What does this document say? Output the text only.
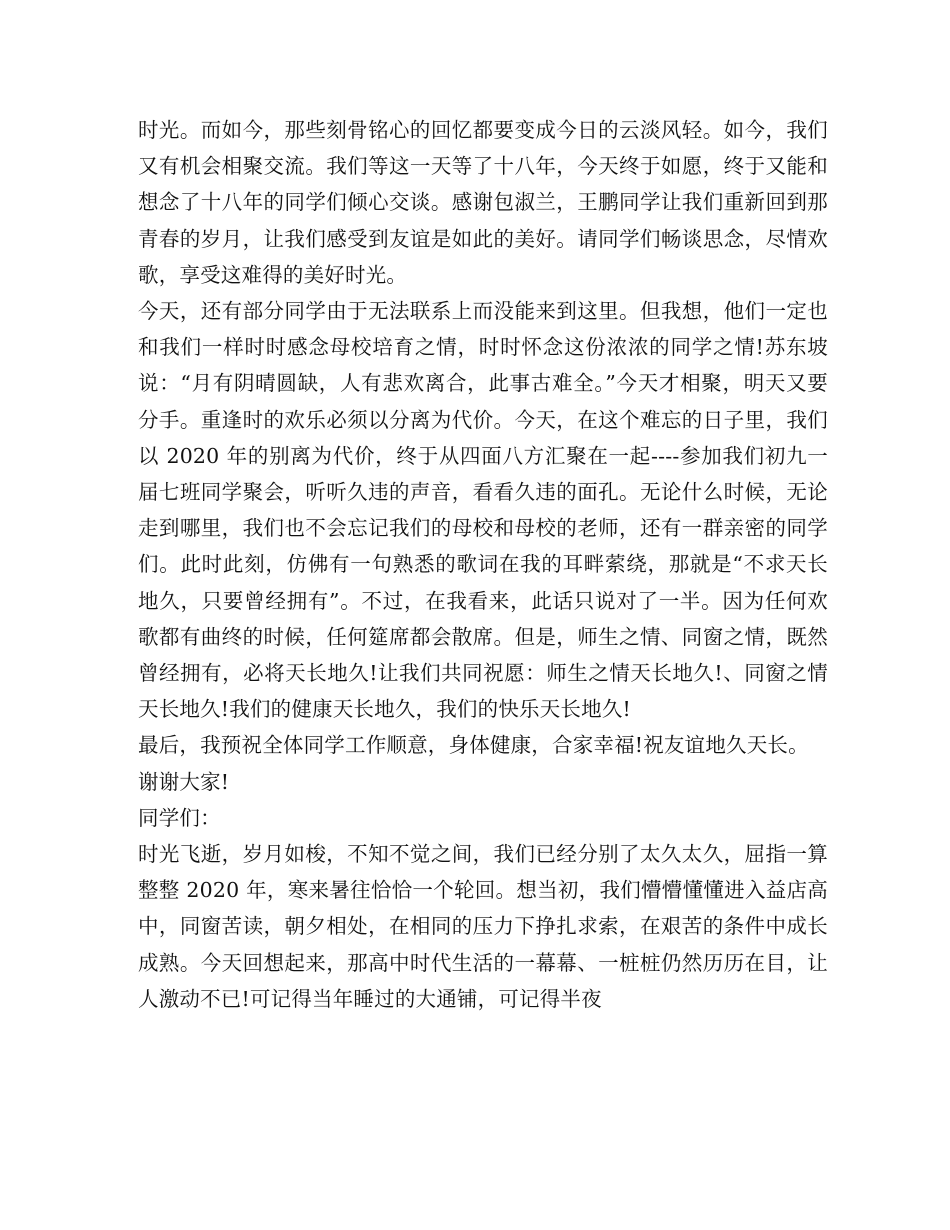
时光。而如今，那些刻骨铭心的回忆都要变成今日的云淡风轻。如今，我们又有机会相聚交流。我们等这一天等了十八年，今天终于如愿，终于又能和想念了十八年的同学们倾心交谈。感谢包淑兰，王鹏同学让我们重新回到那青春的岁月，让我们感受到友谊是如此的美好。请同学们畅谈思念，尽情欢歌，享受这难得的美好时光。

今天，还有部分同学由于无法联系上而没能来到这里。但我想，他们一定也和我们一样时时感念母校培育之情，时时怀念这份浓浓的同学之情!苏东坡说：“月有阴晴圆缺，人有悲欢离合，此事古难全。”今天才相聚，明天又要分手。重逢时的欢乐必须以分离为代价。今天，在这个难忘的日子里，我们以 2020 年的别离为代价，终于从四面八方汇聚在一起----参加我们初九一届七班同学聚会，听听久违的声音，看看久违的面孔。无论什么时候，无论走到哪里，我们也不会忘记我们的母校和母校的老师，还有一群亲密的同学们。此时此刻，仿佛有一句熟悉的歌词在我的耳畔萦绕，那就是“不求天长地久，只要曾经拥有”。不过，在我看来，此话只说对了一半。因为任何欢歌都有曲终的时候，任何筵席都会散席。但是，师生之情、同窗之情，既然曾经拥有，必将天长地久!让我们共同祝愿：师生之情天长地久!、同窗之情天长地久!我们的健康天长地久，我们的快乐天长地久!

最后，我预祝全体同学工作顺意，身体健康，合家幸福!祝友谊地久天长。

谢谢大家!

同学们：

时光飞逝，岁月如梭，不知不觉之间，我们已经分别了太久太久，屈指一算整整 2020 年，寒来暑往恰恰一个轮回。想当初，我们懵懵懂懂进入益店高中，同窗苦读，朝夕相处，在相同的压力下挣扎求索，在艰苦的条件中成长成熟。今天回想起来，那高中时代生活的一幕幕、一桩桩仍然历历在目，让人激动不已!可记得当年睡过的大通铺，可记得半夜
